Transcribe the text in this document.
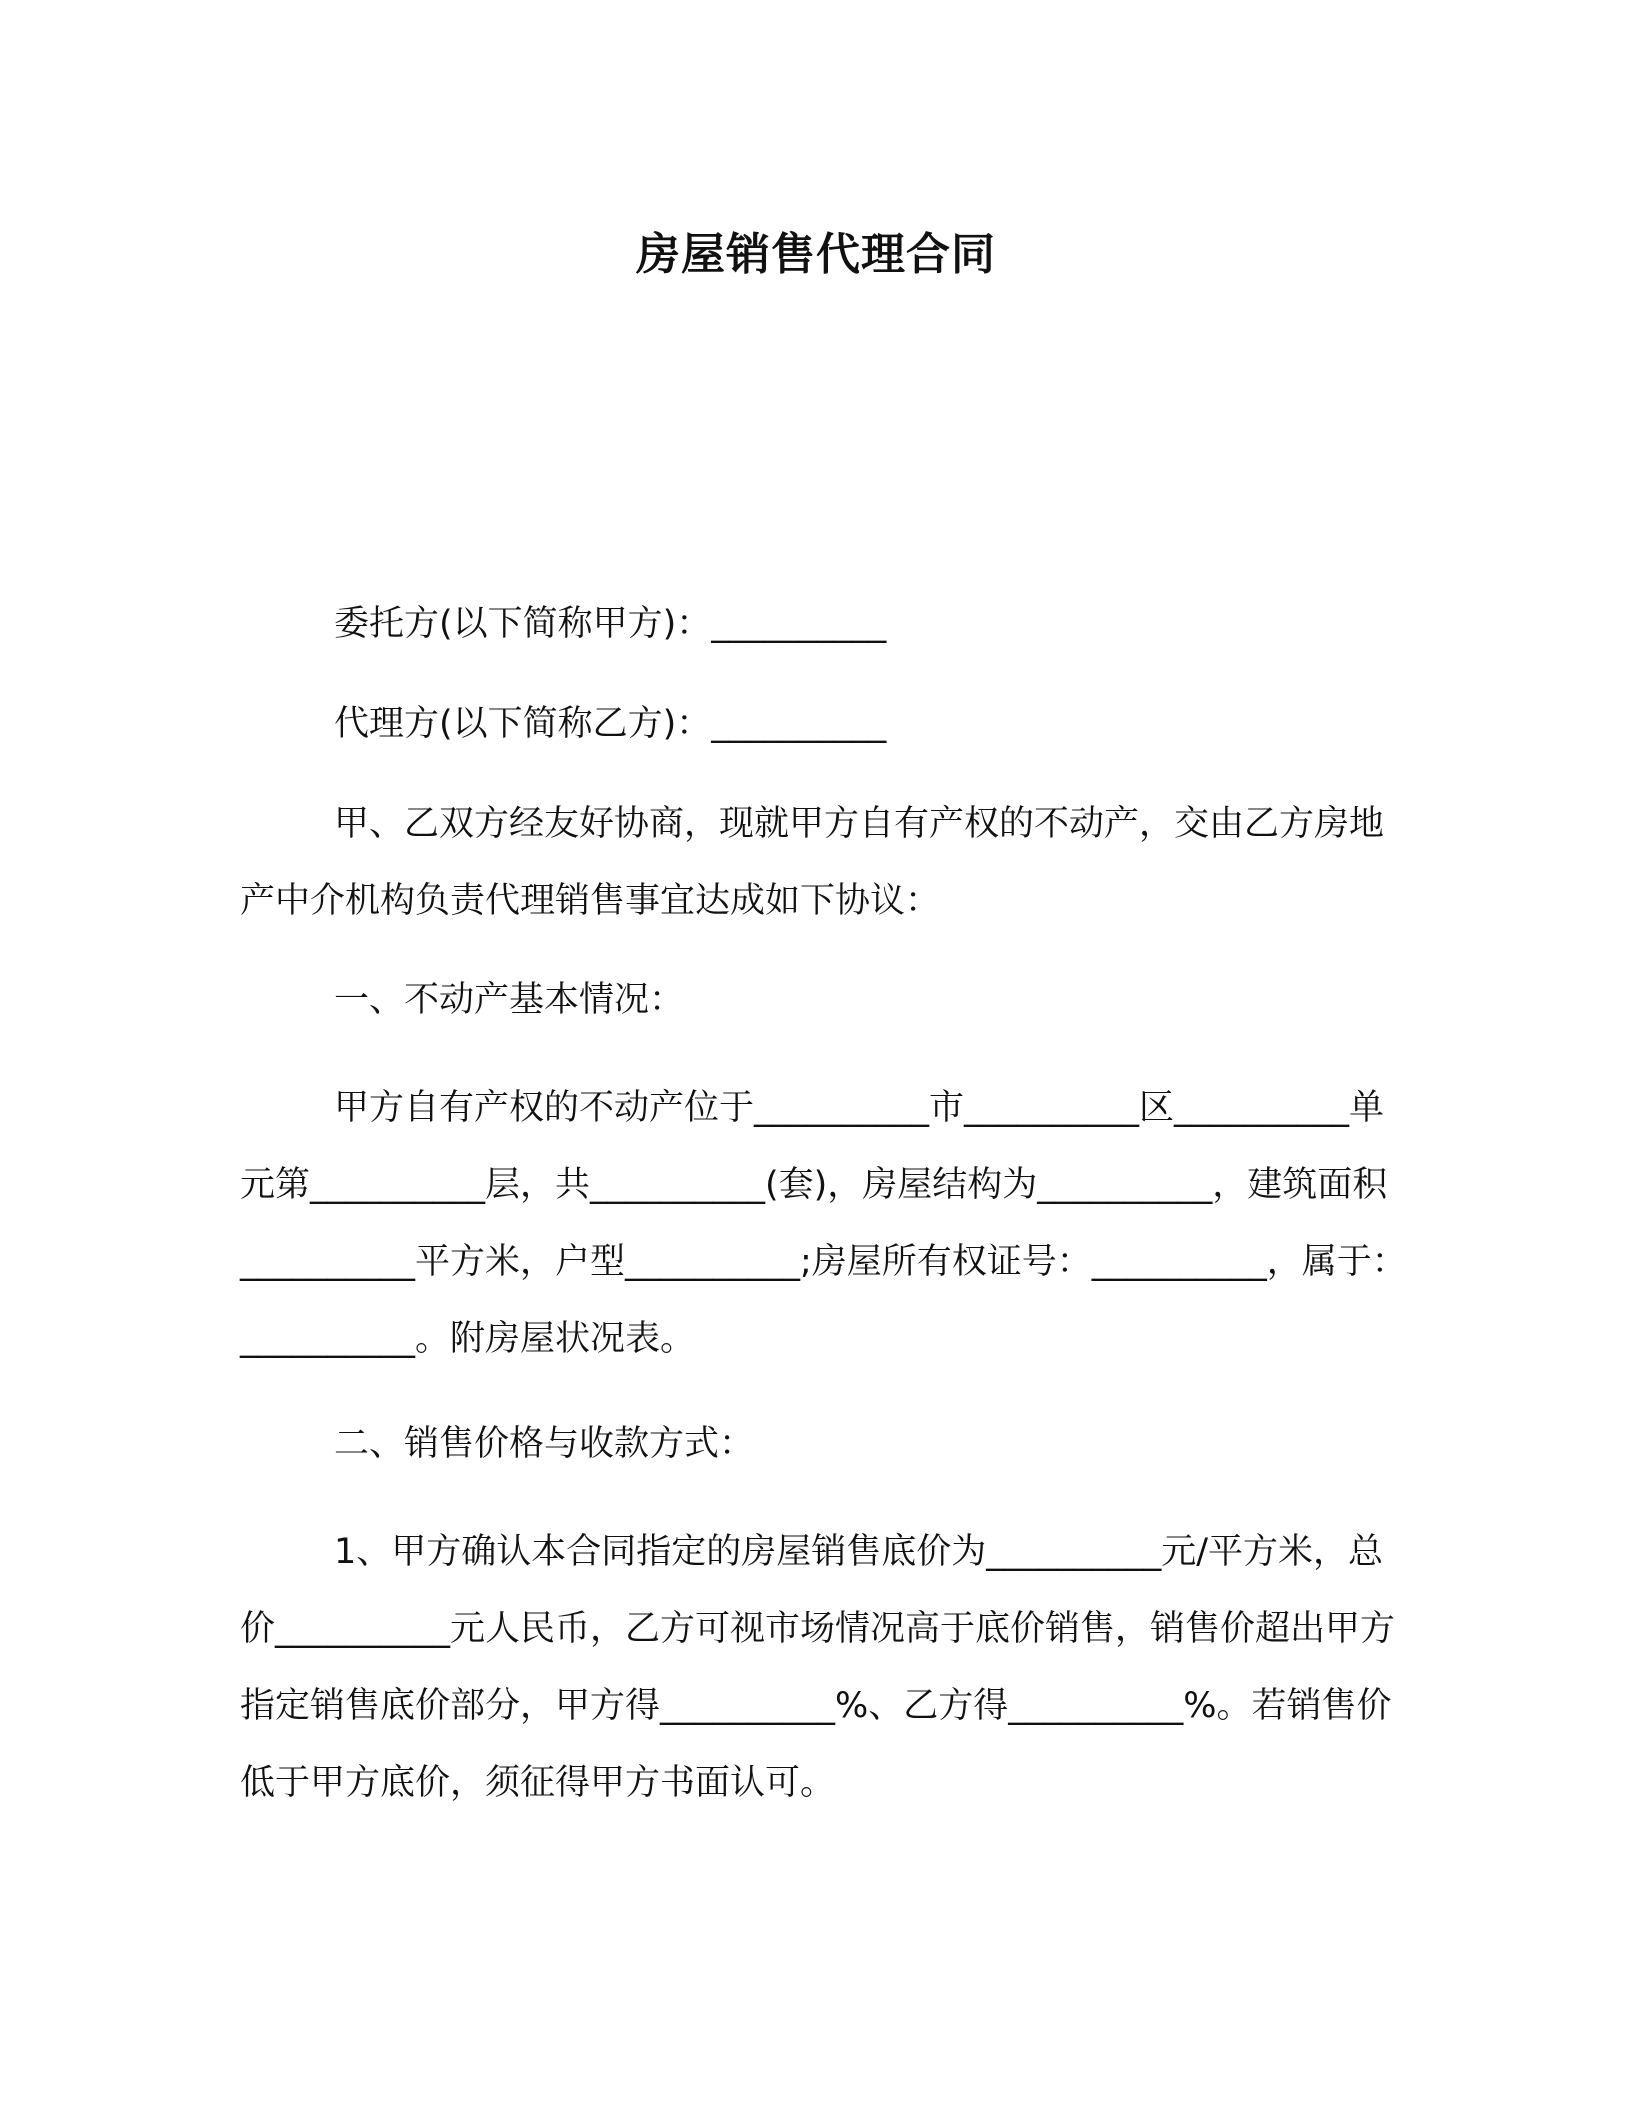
房屋销售代理合同

委托方(以下简称甲方)：__________

代理方(以下简称乙方)：__________

甲、乙双方经友好协商，现就甲方自有产权的不动产，交由乙方房地产中介机构负责代理销售事宜达成如下协议：

一、不动产基本情况：

甲方自有产权的不动产位于__________市__________区__________单元第__________层，共__________(套)，房屋结构为__________，建筑面积__________平方米，户型__________;房屋所有权证号：__________，属于：__________。附房屋状况表。

二、销售价格与收款方式：

1、甲方确认本合同指定的房屋销售底价为__________元/平方米，总价__________元人民币，乙方可视市场情况高于底价销售，销售价超出甲方指定销售底价部分，甲方得__________%、乙方得__________%。若销售价低于甲方底价，须征得甲方书面认可。
